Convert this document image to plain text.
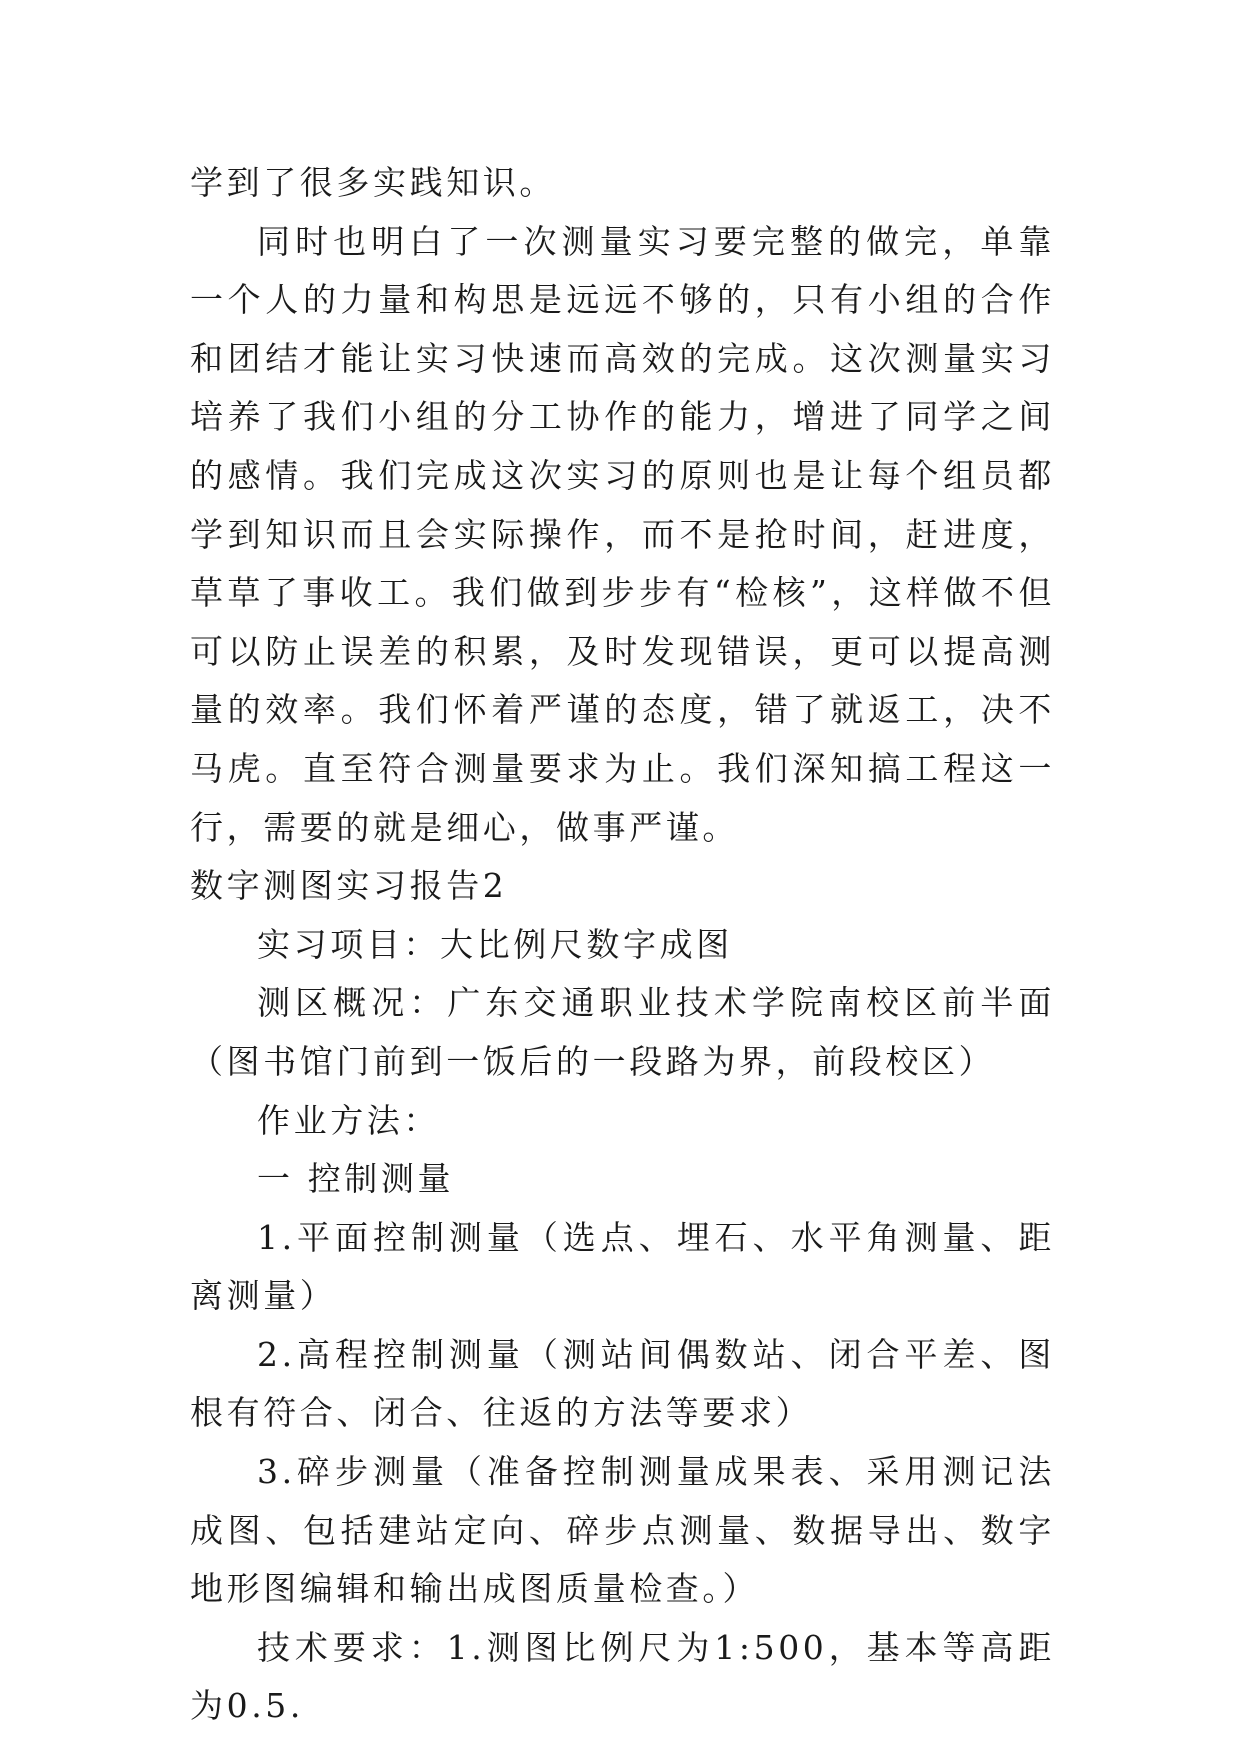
学到了很多实践知识。

同时也明白了一次测量实习要完整的做完，单靠一个人的力量和构思是远远不够的，只有小组的合作和团结才能让实习快速而高效的完成。这次测量实习培养了我们小组的分工协作的能力，增进了同学之间的感情。我们完成这次实习的原则也是让每个组员都学到知识而且会实际操作，而不是抢时间，赶进度，草草了事收工。我们做到步步有“检核”，这样做不但可以防止误差的积累，及时发现错误，更可以提高测量的效率。我们怀着严谨的态度，错了就返工，决不马虎。直至符合测量要求为止。我们深知搞工程这一行，需要的就是细心，做事严谨。

数字测图实习报告2

实习项目：大比例尺数字成图

测区概况：广东交通职业技术学院南校区前半面（图书馆门前到一饭后的一段路为界，前段校区）

作业方法：

一 控制测量

1.平面控制测量（选点、埋石、水平角测量、距离测量）

2.高程控制测量（测站间偶数站、闭合平差、图根有符合、闭合、往返的方法等要求）

3.碎步测量（准备控制测量成果表、采用测记法成图、包括建站定向、碎步点测量、数据导出、数字地形图编辑和输出成图质量检查。）

技术要求：1.测图比例尺为1:500，基本等高距为0.5.
